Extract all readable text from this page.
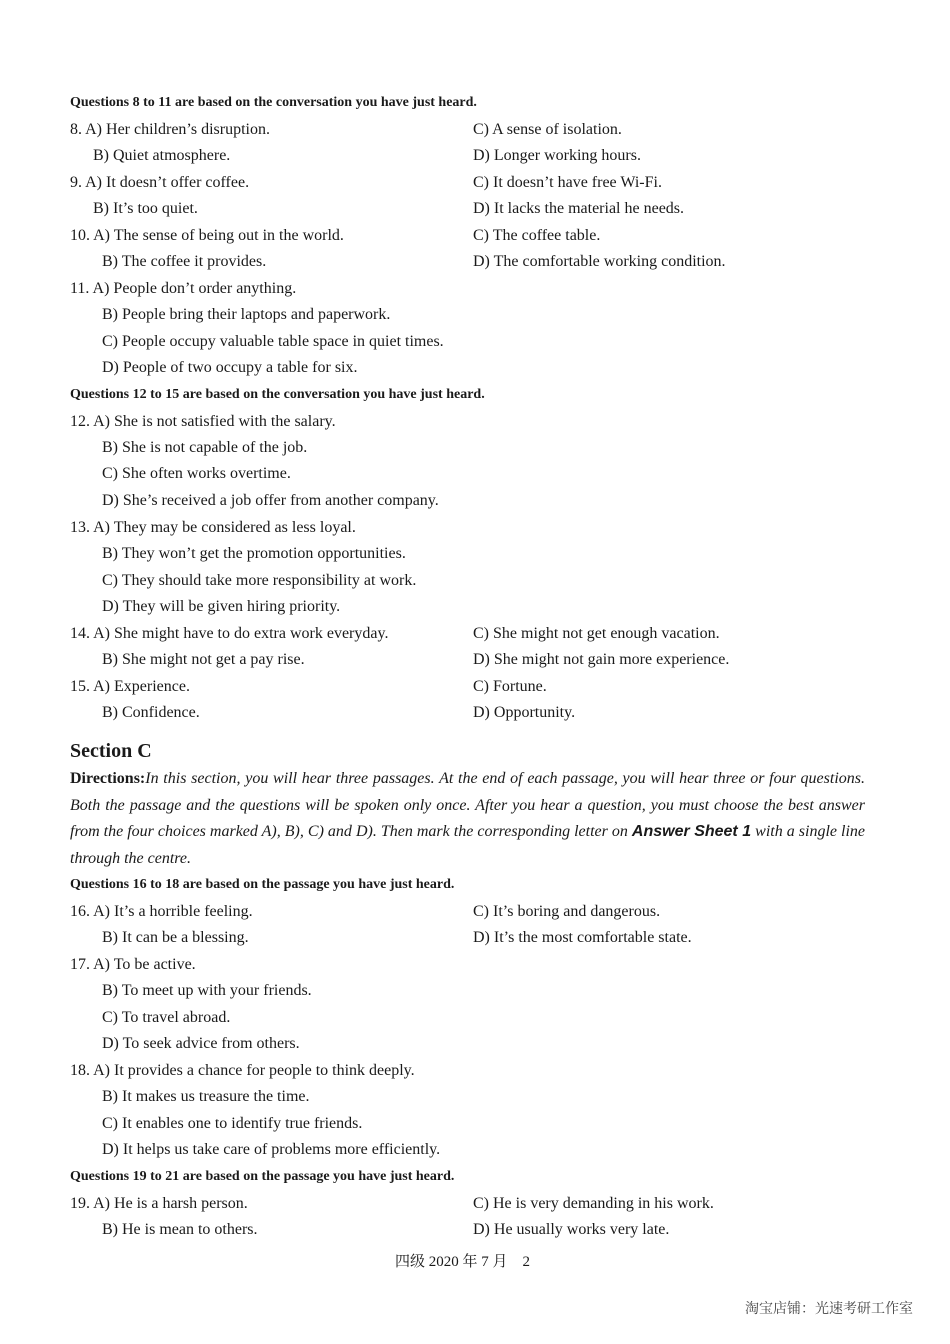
Questions 8 to 11 are based on the conversation you have just heard.
8. A) Her children’s disruption.	C) A sense of isolation.
B) Quiet atmosphere.	D) Longer working hours.
9. A) It doesn’t offer coffee.	C) It doesn’t have free Wi-Fi.
B) It’s too quiet.	D) It lacks the material he needs.
10. A) The sense of being out in the world.	C) The coffee table.
B) The coffee it provides.	D) The comfortable working condition.
11. A) People don’t order anything.
B) People bring their laptops and paperwork.
C) People occupy valuable table space in quiet times.
D) People of two occupy a table for six.
Questions 12 to 15 are based on the conversation you have just heard.
12. A) She is not satisfied with the salary.
B) She is not capable of the job.
C) She often works overtime.
D) She’s received a job offer from another company.
13. A) They may be considered as less loyal.
B) They won’t get the promotion opportunities.
C) They should take more responsibility at work.
D) They will be given hiring priority.
14. A) She might have to do extra work everyday.	C) She might not get enough vacation.
B) She might not get a pay rise.	D) She might not gain more experience.
15. A) Experience.	C) Fortune.
B) Confidence.	D) Opportunity.
Section C
Directions:In this section, you will hear three passages. At the end of each passage, you will hear three or four questions. Both the passage and the questions will be spoken only once. After you hear a question, you must choose the best answer from the four choices marked A), B), C) and D). Then mark the corresponding letter on Answer Sheet 1 with a single line through the centre.
Questions 16 to 18 are based on the passage you have just heard.
16. A) It’s a horrible feeling.	C) It’s boring and dangerous.
B) It can be a blessing.	D) It’s the most comfortable state.
17. A) To be active.
B) To meet up with your friends.
C) To travel abroad.
D) To seek advice from others.
18. A) It provides a chance for people to think deeply.
B) It makes us treasure the time.
C) It enables one to identify true friends.
D) It helps us take care of problems more efficiently.
Questions 19 to 21 are based on the passage you have just heard.
19. A) He is a harsh person.	C) He is very demanding in his work.
B) He is mean to others.	D) He usually works very late.
四级 2020 年 7 月　2
淘宝店铺：光速考研工作室
